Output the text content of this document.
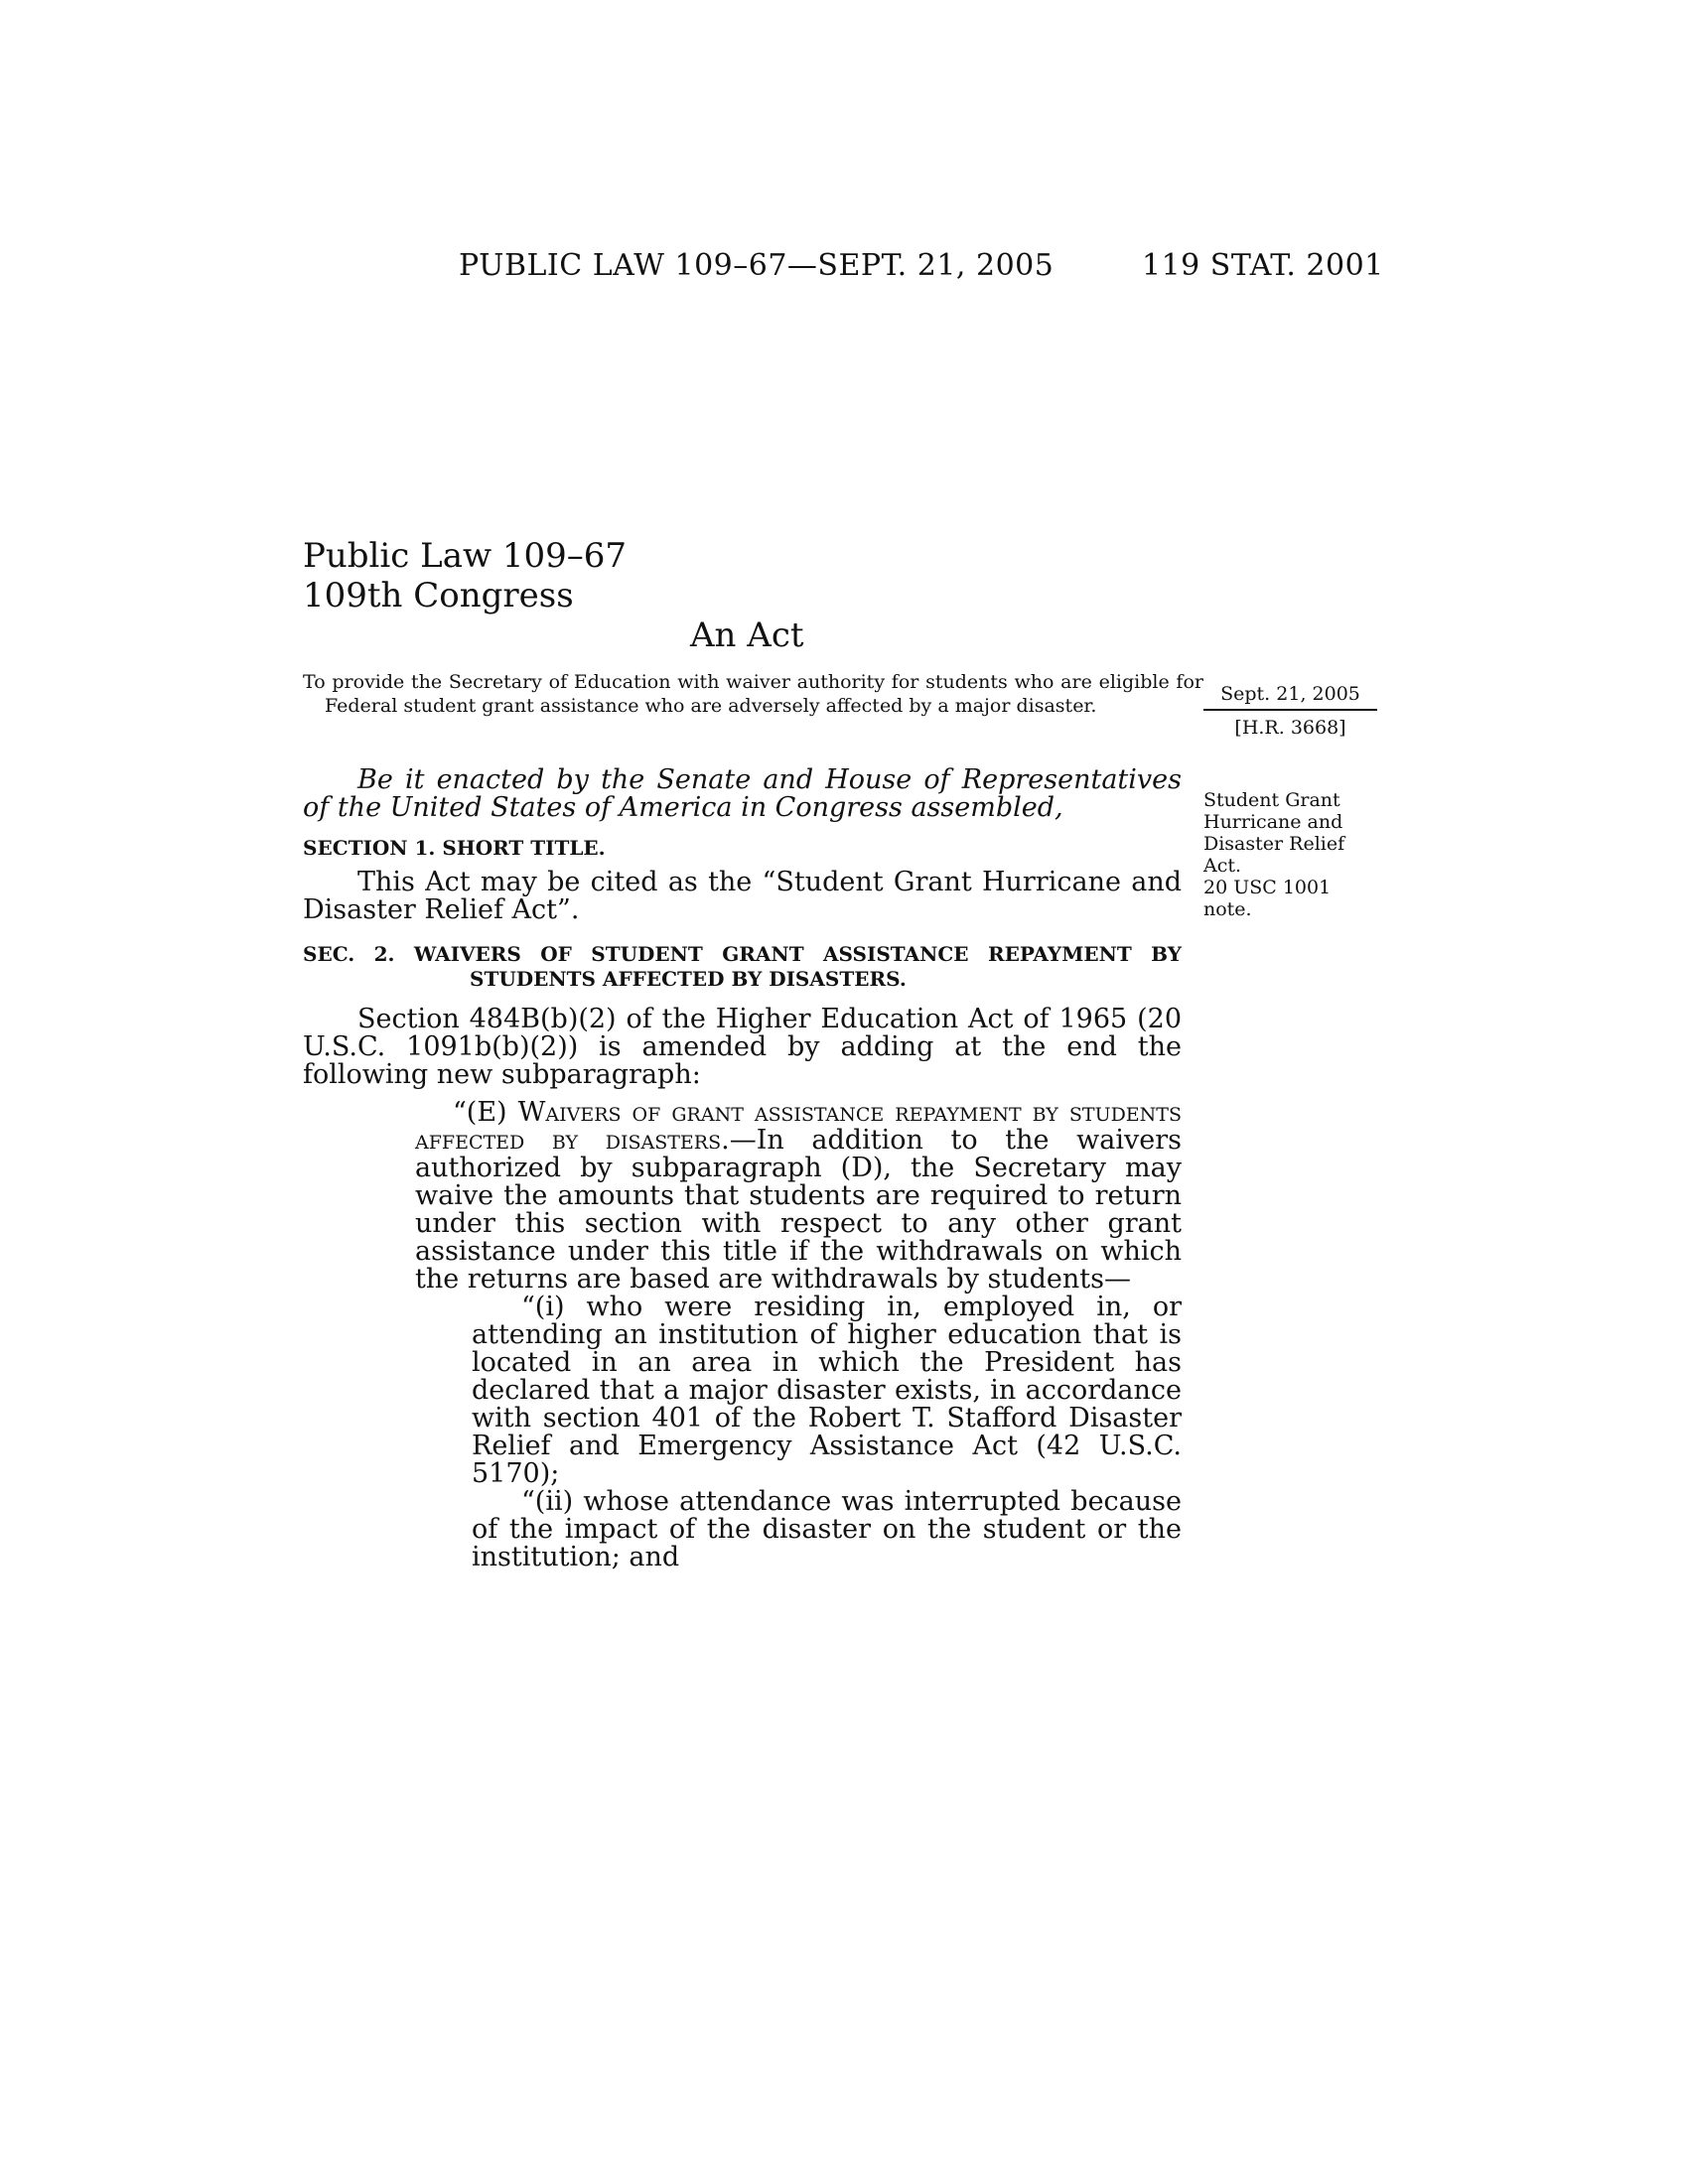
PUBLIC LAW 109–67—SEPT. 21, 2005	119 STAT. 2001
Public Law 109–67
109th Congress
An Act
To provide the Secretary of Education with waiver authority for students who are eligible for Federal student grant assistance who are adversely affected by a major disaster.
Sept. 21, 2005
[H.R. 3668]
Student Grant Hurricane and Disaster Relief Act.
20 USC 1001 note.

Be it enacted by the Senate and House of Representatives of the United States of America in Congress assembled,

SECTION 1. SHORT TITLE.

This Act may be cited as the “Student Grant Hurricane and Disaster Relief Act”.

SEC. 2. WAIVERS OF STUDENT GRANT ASSISTANCE REPAYMENT BY STUDENTS AFFECTED BY DISASTERS.

Section 484B(b)(2) of the Higher Education Act of 1965 (20 U.S.C. 1091b(b)(2)) is amended by adding at the end the following new subparagraph:

“(E) Waivers of grant assistance repayment by students affected by disasters.—In addition to the waivers authorized by subparagraph (D), the Secretary may waive the amounts that students are required to return under this section with respect to any other grant assistance under this title if the withdrawals on which the returns are based are withdrawals by students—

“(i) who were residing in, employed in, or attending an institution of higher education that is located in an area in which the President has declared that a major disaster exists, in accordance with section 401 of the Robert T. Stafford Disaster Relief and Emergency Assistance Act (42 U.S.C. 5170);

“(ii) whose attendance was interrupted because of the impact of the disaster on the student or the institution; and
